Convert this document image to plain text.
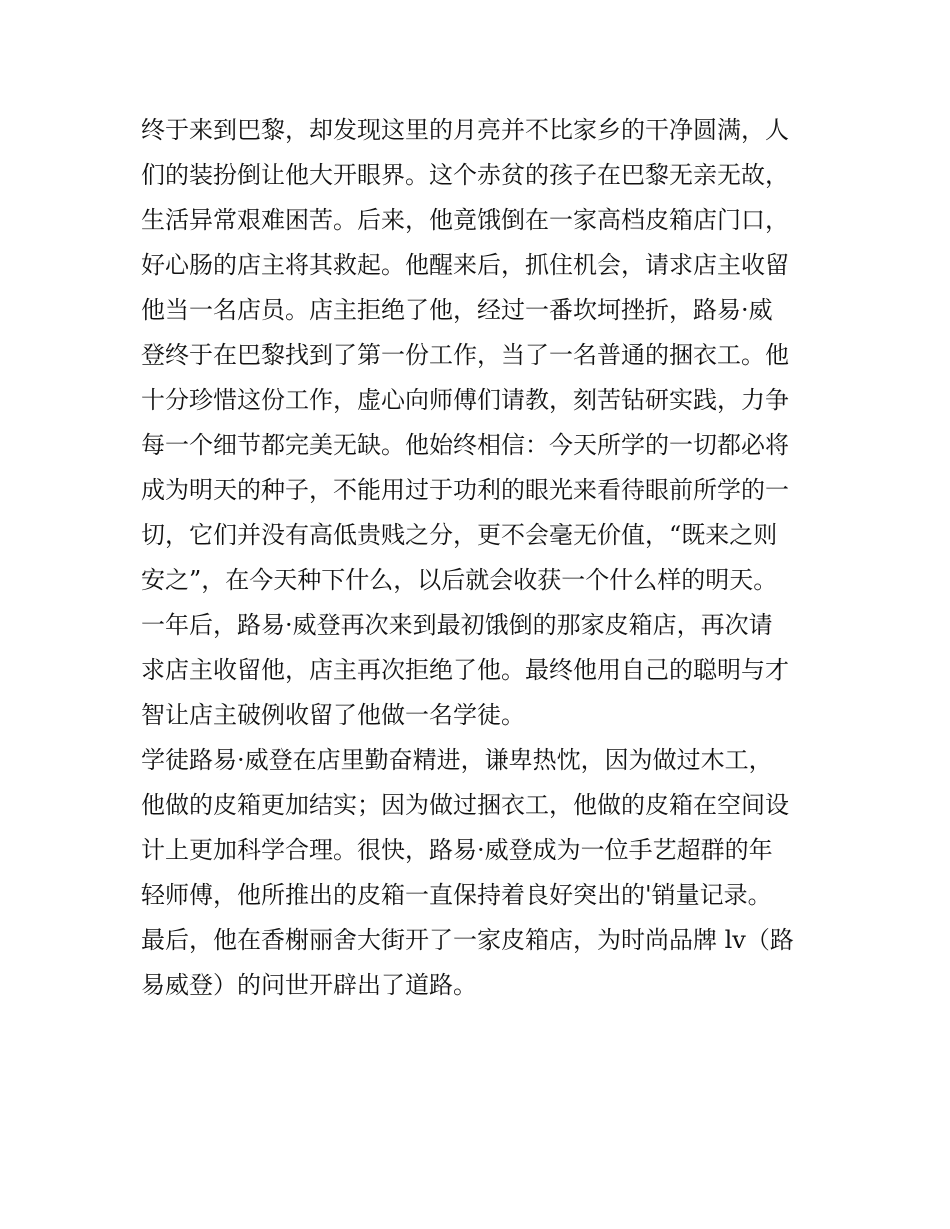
终于来到巴黎，却发现这里的月亮并不比家乡的干净圆满，人
们的装扮倒让他大开眼界。这个赤贫的孩子在巴黎无亲无故，
生活异常艰难困苦。后来，他竟饿倒在一家高档皮箱店门口，
好心肠的店主将其救起。他醒来后，抓住机会，请求店主收留
他当一名店员。店主拒绝了他，经过一番坎坷挫折，路易·威
登终于在巴黎找到了第一份工作，当了一名普通的捆衣工。他
十分珍惜这份工作，虚心向师傅们请教，刻苦钻研实践，力争
每一个细节都完美无缺。他始终相信：今天所学的一切都必将
成为明天的种子，不能用过于功利的眼光来看待眼前所学的一
切，它们并没有高低贵贱之分，更不会毫无价值，“既来之则
安之”，在今天种下什么，以后就会收获一个什么样的明天。
一年后，路易·威登再次来到最初饿倒的那家皮箱店，再次请
求店主收留他，店主再次拒绝了他。最终他用自己的聪明与才
智让店主破例收留了他做一名学徒。
学徒路易·威登在店里勤奋精进，谦卑热忱，因为做过木工，
他做的皮箱更加结实；因为做过捆衣工，他做的皮箱在空间设
计上更加科学合理。很快，路易·威登成为一位手艺超群的年
轻师傅，他所推出的皮箱一直保持着良好突出的'销量记录。
最后，他在香榭丽舍大街开了一家皮箱店，为时尚品牌 lv（路
易威登）的问世开辟出了道路。
